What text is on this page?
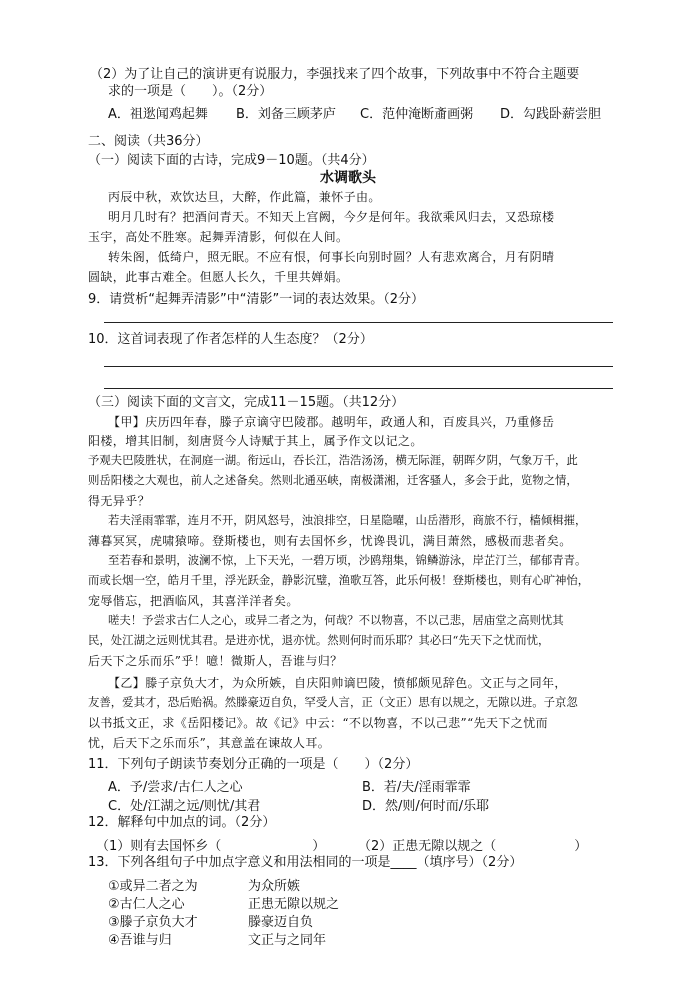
（2）为了让自己的演讲更有说服力，李强找来了四个故事，下列故事中不符合主题要

求的一项是（　　）。（2分）

A．祖逖闻鸡起舞 B．刘备三顾茅庐 C．范仲淹断齑画粥 D．勾践卧薪尝胆

二、阅读（共36分）

（一）阅读下面的古诗，完成9－10题。（共4分）

水调歌头

丙辰中秋，欢饮达旦，大醉，作此篇，兼怀子由。

明月几时有？把酒问青天。不知天上宫阙，今夕是何年。我欲乘风归去，又恐琼楼

玉宇，高处不胜寒。起舞弄清影，何似在人间。

转朱阁，低绮户，照无眠。不应有恨，何事长向别时圆？人有悲欢离合，月有阴晴

圆缺，此事古难全。但愿人长久，千里共婵娟。

9．请赏析“起舞弄清影”中“清影”一词的表达效果。（2分）

10．这首词表现了作者怎样的人生态度？（2分）

（三）阅读下面的文言文，完成11－15题。（共12分）

【甲】庆历四年春，滕子京谪守巴陵郡。越明年，政通人和，百废具兴，乃重修岳

阳楼，增其旧制，刻唐贤今人诗赋于其上，属予作文以记之。

予观夫巴陵胜状，在洞庭一湖。衔远山，吞长江，浩浩汤汤，横无际涯，朝晖夕阴，气象万千，此

则岳阳楼之大观也，前人之述备矣。然则北通巫峡，南极潇湘，迁客骚人，多会于此，览物之情，

得无异乎？

若夫淫雨霏霏，连月不开，阴风怒号，浊浪排空，日星隐曜，山岳潜形，商旅不行，樯倾楫摧，

薄暮冥冥，虎啸猿啼。登斯楼也，则有去国怀乡，忧谗畏讥，满目萧然，感极而悲者矣。

至若春和景明，波澜不惊，上下天光，一碧万顷，沙鸥翔集，锦鳞游泳，岸芷汀兰，郁郁青青。

而或长烟一空，皓月千里，浮光跃金，静影沉璧，渔歌互答，此乐何极！登斯楼也，则有心旷神怡，

宠辱偕忘，把酒临风，其喜洋洋者矣。

嗟夫！予尝求古仁人之心，或异二者之为，何哉？不以物喜，不以己悲，居庙堂之高则忧其

民，处江湖之远则忧其君。是进亦忧，退亦忧。然则何时而乐耶？其必曰“先天下之忧而忧，

后天下之乐而乐”乎！噫！微斯人，吾谁与归？

【乙】滕子京负大才，为众所嫉，自庆阳帅谪巴陵，愤郁颇见辞色。文正与之同年，

友善，爱其才，恐后贻祸。然滕豪迈自负，罕受人言，正（文正）思有以规之，无隙以进。子京忽

以书抵文正，求《岳阳楼记》。故《记》中云：“不以物喜，不以己悲”“先天下之忧而

忧，后天下之乐而乐”，其意盖在谏故人耳。

11．下列句子朗读节奏划分正确的一项是（　　）（2分）

A．予/尝求/古仁人之心	B．若/夫/淫雨霏霏
C．处/江湖之远/则忧/其君	D．然/则/何时而/乐耶

12．解释句中加点的词。（2分）

（1）则有去国怀乡（　　　　　　　）	（2）正患无隙以规之（　　　　　　）

13．下列各组句子中加点字意义和用法相同的一项是____（填序号）（2分）

①或异二者之为	为众所嫉
②古仁人之心	正患无隙以规之
③滕子京负大才	滕豪迈自负
④吾谁与归	文正与之同年
